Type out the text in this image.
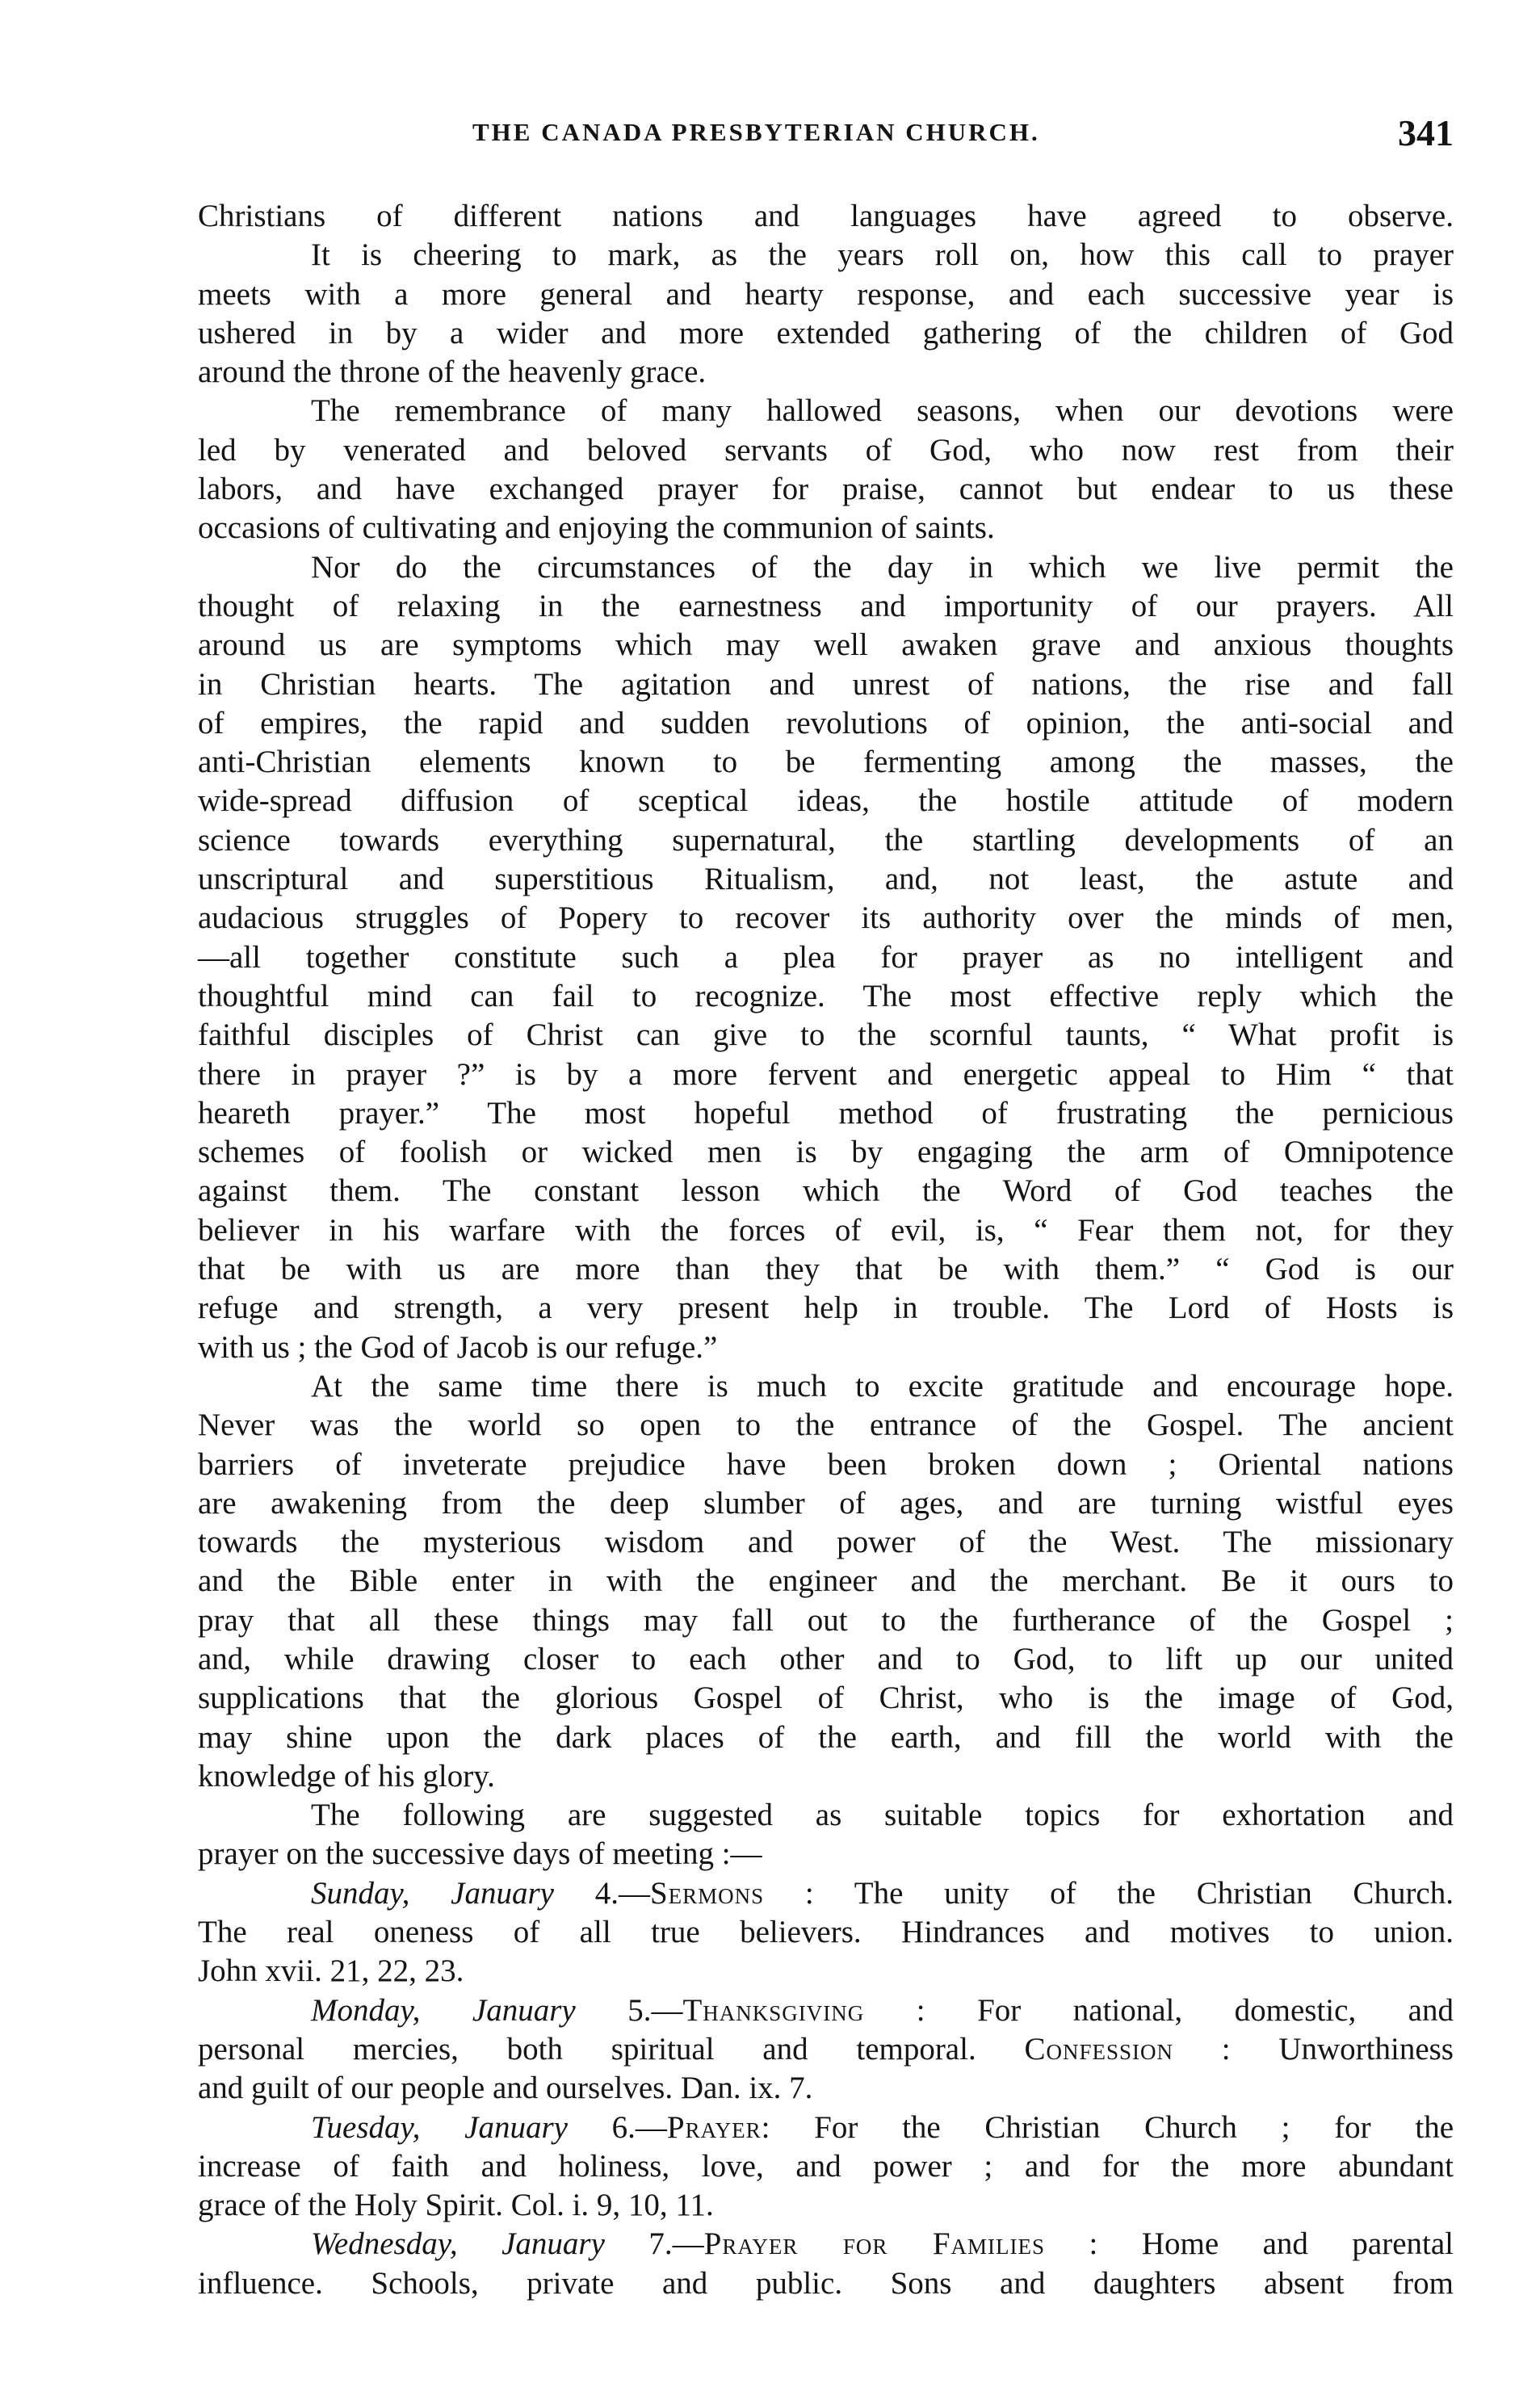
THE CANADA PRESBYTERIAN CHURCH.	341
Christians of different nations and languages have agreed to observe.
It is cheering to mark, as the years roll on, how this call to prayer
meets with a more general and hearty response, and each successive year is
ushered in by a wider and more extended gathering of the children of God
around the throne of the heavenly grace.
The remembrance of many hallowed seasons, when our devotions were
led by venerated and beloved servants of God, who now rest from their
labors, and have exchanged prayer for praise, cannot but endear to us these
occasions of cultivating and enjoying the communion of saints.
Nor do the circumstances of the day in which we live permit the
thought of relaxing in the earnestness and importunity of our prayers. All
around us are symptoms which may well awaken grave and anxious thoughts
in Christian hearts. The agitation and unrest of nations, the rise and fall
of empires, the rapid and sudden revolutions of opinion, the anti-social and
anti-Christian elements known to be fermenting among the masses, the
wide-spread diffusion of sceptical ideas, the hostile attitude of modern
science towards everything supernatural, the startling developments of an
unscriptural and superstitious Ritualism, and, not least, the astute and
audacious struggles of Popery to recover its authority over the minds of men,
—all together constitute such a plea for prayer as no intelligent and
thoughtful mind can fail to recognize. The most effective reply which the
faithful disciples of Christ can give to the scornful taunts, “ What profit is
there in prayer ?” is by a more fervent and energetic appeal to Him “ that
heareth prayer.” The most hopeful method of frustrating the pernicious
schemes of foolish or wicked men is by engaging the arm of Omnipotence
against them. The constant lesson which the Word of God teaches the
believer in his warfare with the forces of evil, is, “ Fear them not, for they
that be with us are more than they that be with them.” “ God is our
refuge and strength, a very present help in trouble. The Lord of Hosts is
with us ; the God of Jacob is our refuge.”
At the same time there is much to excite gratitude and encourage hope.
Never was the world so open to the entrance of the Gospel. The ancient
barriers of inveterate prejudice have been broken down ; Oriental nations
are awakening from the deep slumber of ages, and are turning wistful eyes
towards the mysterious wisdom and power of the West. The missionary
and the Bible enter in with the engineer and the merchant. Be it ours to
pray that all these things may fall out to the furtherance of the Gospel ;
and, while drawing closer to each other and to God, to lift up our united
supplications that the glorious Gospel of Christ, who is the image of God,
may shine upon the dark places of the earth, and fill the world with the
knowledge of his glory.
The following are suggested as suitable topics for exhortation and
prayer on the successive days of meeting :—
Sunday, January 4.—Sermons : The unity of the Christian Church.
The real oneness of all true believers. Hindrances and motives to union.
John xvii. 21, 22, 23.
Monday, January 5.—Thanksgiving : For national, domestic, and
personal mercies, both spiritual and temporal. Confession : Unworthiness
and guilt of our people and ourselves. Dan. ix. 7.
Tuesday, January 6.—Prayer: For the Christian Church ; for the
increase of faith and holiness, love, and power ; and for the more abundant
grace of the Holy Spirit. Col. i. 9, 10, 11.
Wednesday, January 7.—Prayer for Families : Home and parental
influence. Schools, private and public. Sons and daughters absent from
